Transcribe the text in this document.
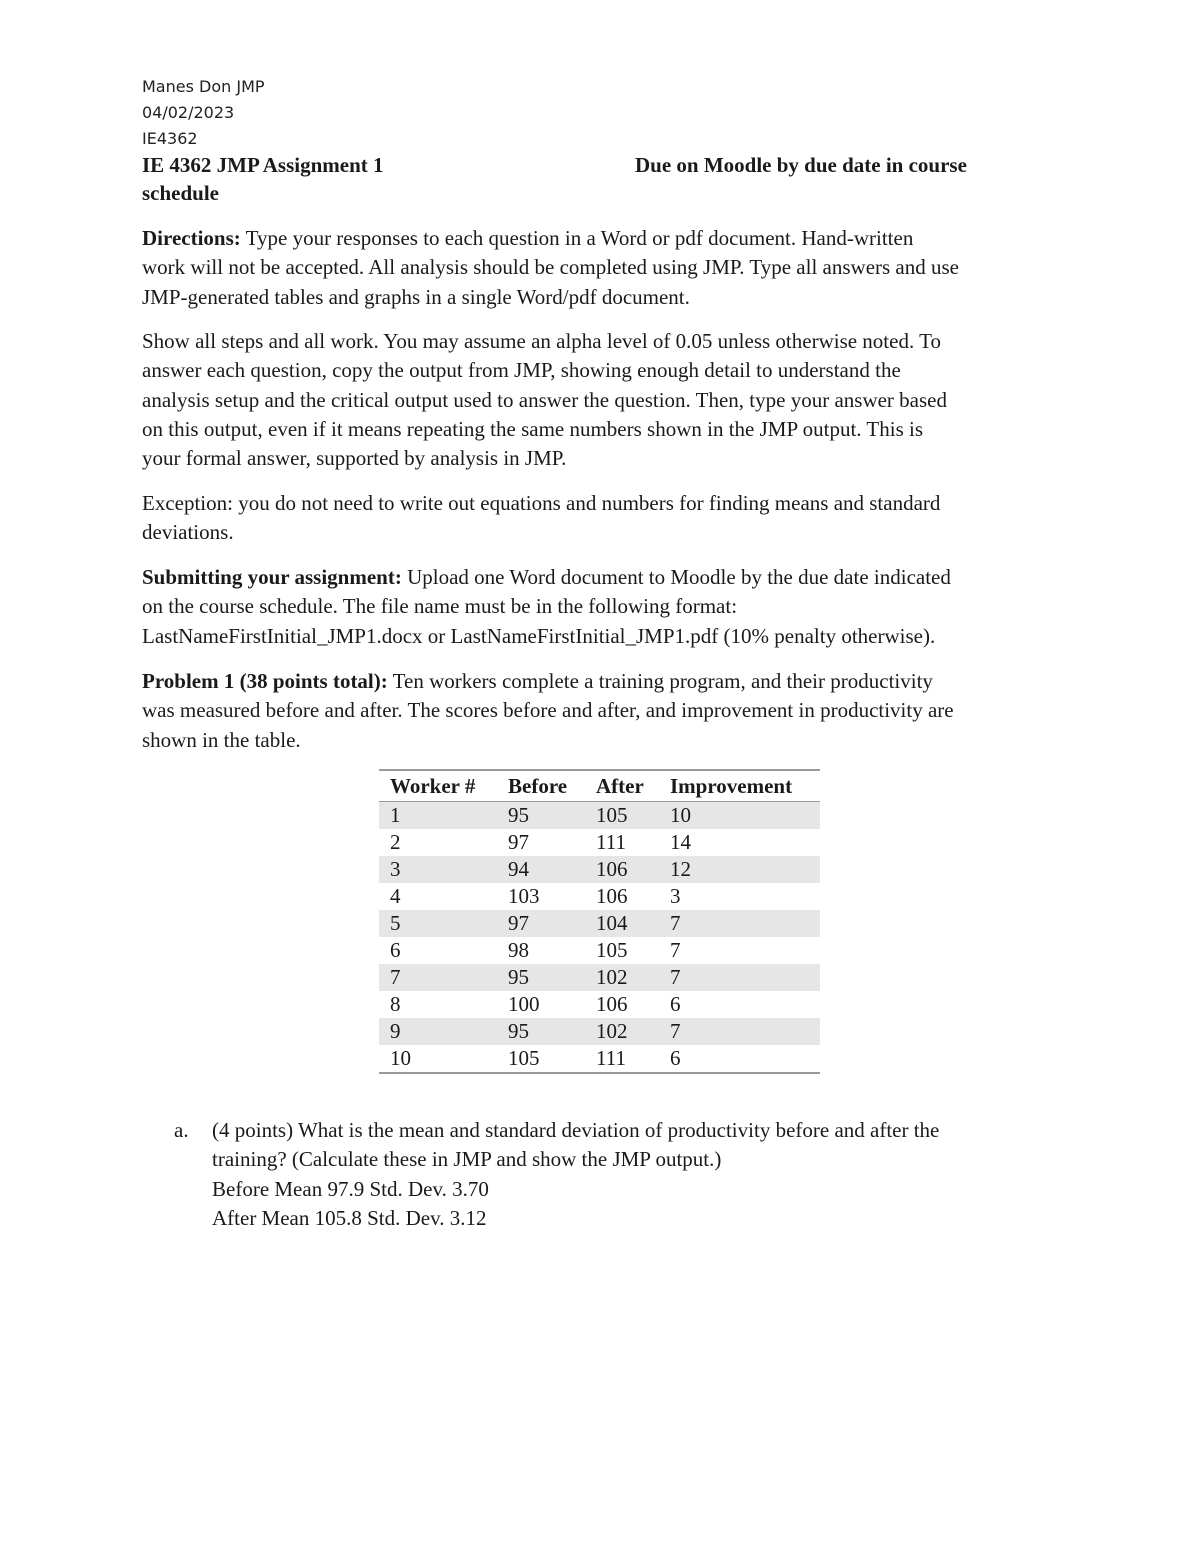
Manes Don JMP
04/02/2023
IE4362
IE 4362 JMP Assignment 1	Due on Moodle by due date in course
schedule
Directions: Type your responses to each question in a Word or pdf document. Hand-written
work will not be accepted. All analysis should be completed using JMP. Type all answers and use
JMP-generated tables and graphs in a single Word/pdf document.
Show all steps and all work. You may assume an alpha level of 0.05 unless otherwise noted. To
answer each question, copy the output from JMP, showing enough detail to understand the
analysis setup and the critical output used to answer the question. Then, type your answer based
on this output, even if it means repeating the same numbers shown in the JMP output. This is
your formal answer, supported by analysis in JMP.
Exception: you do not need to write out equations and numbers for finding means and standard
deviations.
Submitting your assignment: Upload one Word document to Moodle by the due date indicated
on the course schedule. The file name must be in the following format:
LastNameFirstInitial_JMP1.docx or LastNameFirstInitial_JMP1.pdf (10% penalty otherwise).
Problem 1 (38 points total): Ten workers complete a training program, and their productivity
was measured before and after. The scores before and after, and improvement in productivity are
shown in the table.
Worker #	Before	After	Improvement
1	95	105	10
2	97	111	14
3	94	106	12
4	103	106	3
5	97	104	7
6	98	105	7
7	95	102	7
8	100	106	6
9	95	102	7
10	105	111	6
a. (4 points) What is the mean and standard deviation of productivity before and after the
training? (Calculate these in JMP and show the JMP output.)
Before Mean 97.9 Std. Dev. 3.70
After Mean 105.8 Std. Dev. 3.12
